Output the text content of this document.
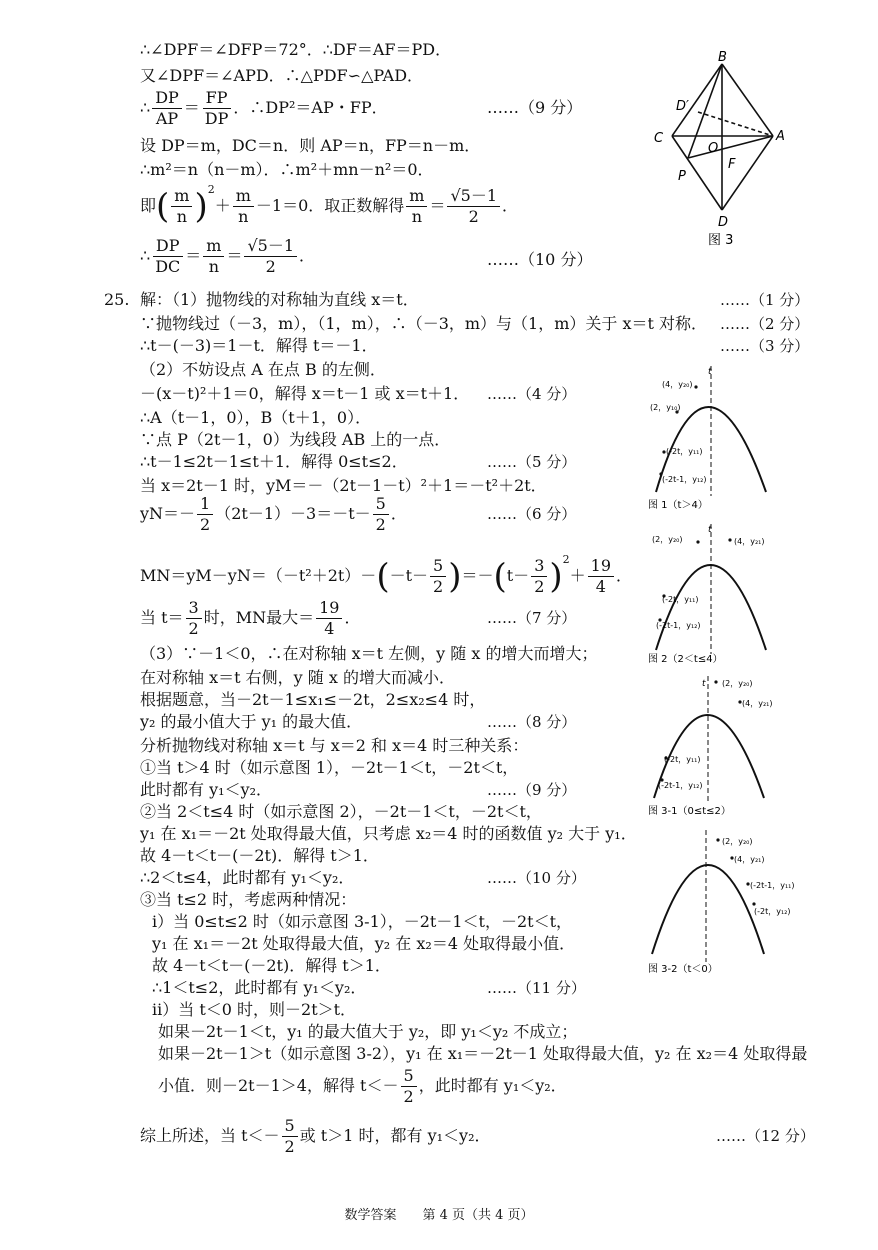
∴∠DPF＝∠DFP＝72°．∴DF＝AF＝PD．
又∠DPF＝∠APD．∴△PDF∽△PAD．
∴ $\frac{DP}{AP} = \frac{FP}{DP}$ ．∴DP²＝AP・FP．	……（9 分）
设 DP＝m，DC＝n．则 AP＝n，FP＝n－m．
∴m²＝n（n－m）．∴m²＋mn－n²＝0．
即( $\frac{m}{n} )^2+ \frac{m}{n} -1=0$．取正数解得 $\frac{m}{n} = \frac{√5-1}{2}$ ．
∴ $\frac{DP}{DC} = \frac{m}{n} = \frac{√5-1}{2}$ ．	……（10 分）
B
D′
C
O
A
P
F
D
图 3
25. 解：（1）抛物线的对称轴为直线 x＝t．	……（1 分）
∵抛物线过（－3，m），（1，m），∴（－3，m）与（1，m）关于 x＝t 对称． ……（2 分）
∴t－(－3)＝1－t．解得 t＝－1．	……（3 分）
（2）不妨设点 A 在点 B 的左侧．
－(x－t)²＋1＝0，解得 x＝t－1 或 x＝t＋1． ……（4 分）
∴A（t－1，0），B（t＋1，0）．
∵点 P（2t－1，0）为线段 AB 上的一点．
∴t－1≤2t－1≤t＋1．解得 0≤t≤2．	……（5 分）
当 x＝2t－1 时，yM＝－（2t－1－t）²＋1＝－t²＋2t．
$yN=- \frac{1}{2} (2t-1)-3=-t- \frac{5}{2}$ ．	……（6 分）
$MN=yM-yN=(-t^2+2t)-(-t- \frac{5}{2} )=-(t- \frac{3}{2} )^2+ \frac{19}{4}$ ．
当 $t= \frac{3}{2}$ 时，MN最大＝ $\frac{19}{4}$ ．	……（7 分）
（3）∵－1＜0，∴在对称轴 x＝t 左侧，y 随 x 的增大而增大；
在对称轴 x＝t 右侧，y 随 x 的增大而减小．
根据题意，当－2t－1≤x₁≤－2t，2≤x₂≤4 时，
y₂ 的最小值大于 y₁ 的最大值．	……（8 分）
分析抛物线对称轴 x＝t 与 x＝2 和 x＝4 时三种关系：
①当 t＞4 时（如示意图 1），－2t－1＜t，－2t＜t，
此时都有 y₁＜y₂．	……（9 分）
②当 2＜t≤4 时（如示意图 2），－2t－1＜t，－2t＜t，
y₁ 在 x₁＝－2t 处取得最大值，只考虑 x₂＝4 时的函数值 y₂ 大于 y₁．
故 4－t＜t－(－2t)．解得 t＞1．
∴2＜t≤4，此时都有 y₁＜y₂．	……（10 分）
③当 t≤2 时，考虑两种情况：
ⅰ）当 0≤t≤2 时（如示意图 3-1），－2t－1＜t，－2t＜t，
y₁ 在 x₁＝－2t 处取得最大值，y₂ 在 x₂＝4 处取得最小值．
故 4－t＜t－(－2t)．解得 t＞1．
∴1＜t≤2，此时都有 y₁＜y₂．	……（11 分）
ⅱ）当 t＜0 时，则－2t＞t．
如果－2t－1＜t，y₁ 的最大值大于 y₂，即 y₁＜y₂ 不成立；
如果－2t－1＞t（如示意图 3-2），y₁ 在 x₁＝－2t－1 处取得最大值，y₂ 在 x₂＝4 处取得最
小值．则－2t－1＞4，解得 $t<- \frac{5}{2}$ ，此时都有 y₁＜y₂．
综上所述，当 $t<- \frac{5}{2}$ 或 t＞1 时，都有 y₁＜y₂．	……（12 分）
t
(4，y₂₀)
(2，y₁₀)
(-2t，y₁₁)
(-2t-1，y₁₂)
图 1（t＞4）
t
(2，y₂₀)	(4，y₂₁)
(-2t，y₁₁)
(-2t-1，y₁₂)
图 2（2＜t≤4）
t (2，y₂₀)
(4，y₂₁)
(-2t，y₁₁)
(-2t-1，y₁₂)
图 3-1（0≤t≤2）
(2，y₂₀)
(4，y₂₁)
(-2t-1，y₁₁)
(-2t，y₁₂)
图 3-2（t＜0）
数学答案　　第 4 页（共 4 页）
